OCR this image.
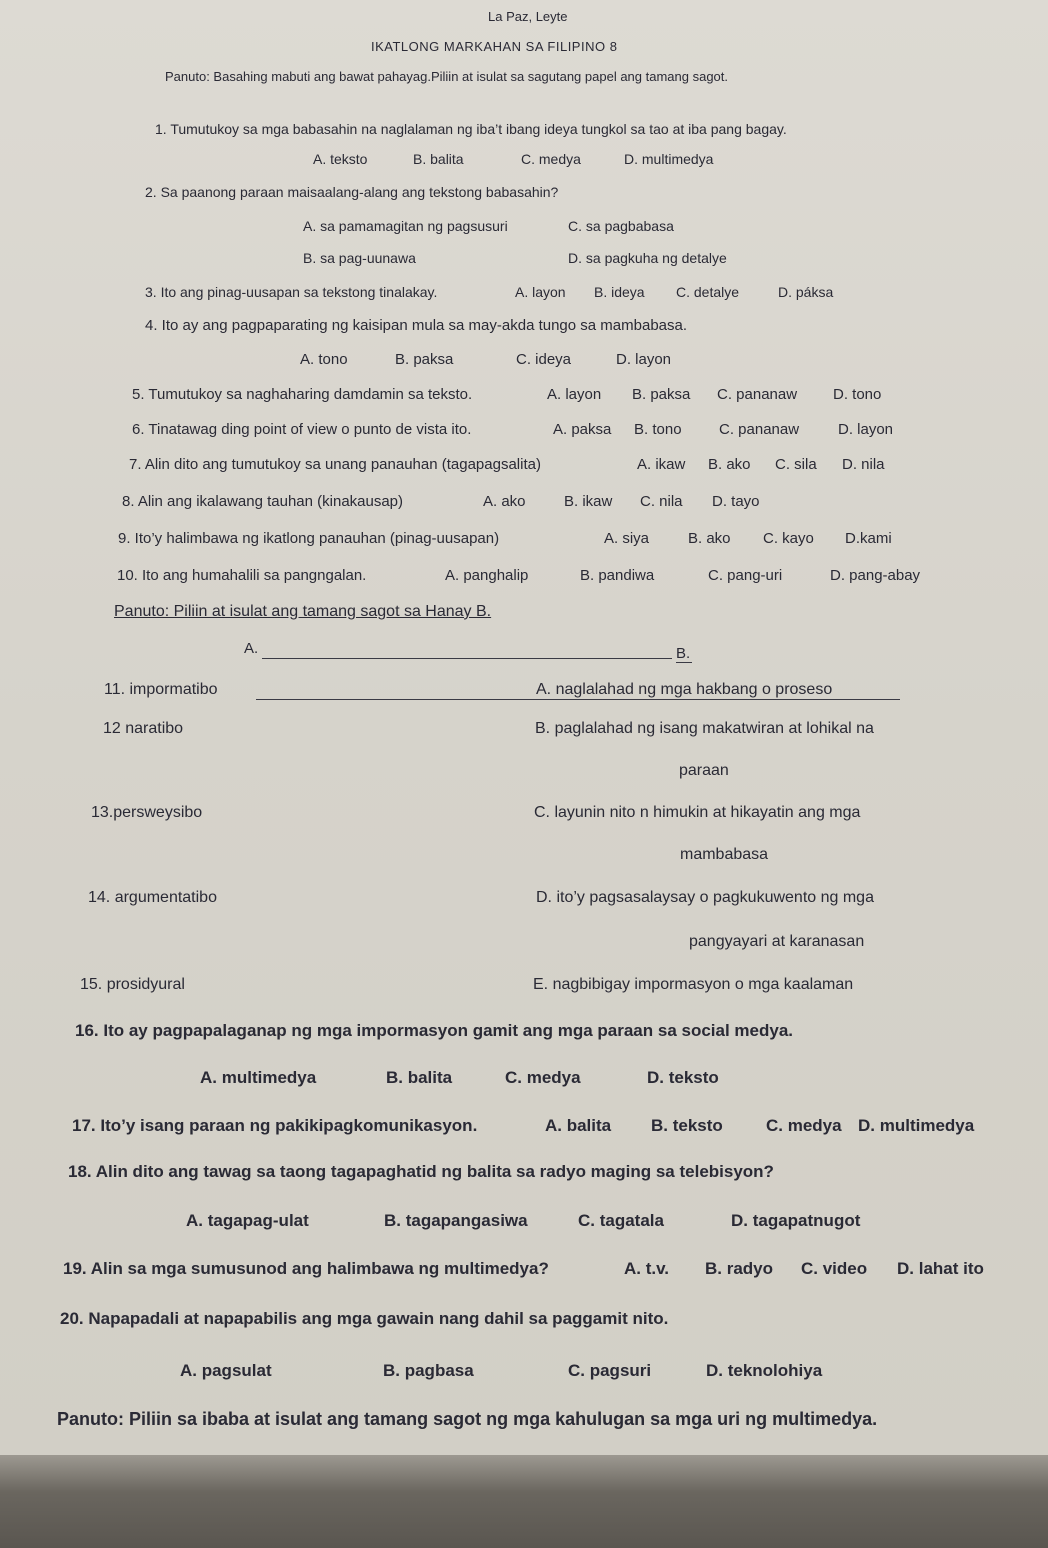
La Paz, Leyte
IKATLONG MARKAHAN SA FILIPINO 8
Panuto: Basahing mabuti ang bawat pahayag.Piliin at isulat sa sagutang papel ang tamang sagot.
1. Tumutukoy sa mga babasahin na naglalaman ng iba’t ibang ideya tungkol sa tao at iba pang bagay.
A. teksto	B. balita	C. medya	D. multimedya
2. Sa paanong paraan maisaalang-alang ang tekstong babasahin?
A. sa pamamagitan ng pagsusuri	C. sa pagbabasa
B. sa pag-uunawa	D. sa pagkuha ng detalye
3. Ito ang pinag-uusapan sa tekstong tinalakay.	A. layon B. ideya C. detalye	D. páksa
4. Ito ay ang pagpaparating ng kaisipan mula sa may-akda tungo sa mambabasa.
A. tono	B. paksa	C. ideya	D. layon
5. Tumutukoy sa naghaharing damdamin sa teksto.	A. layon B. paksa C. pananaw D. tono
6. Tinatawag ding point of view o punto de vista ito.	A. paksa B. tono C. pananaw	D. layon
7. Alin dito ang tumutukoy sa unang panauhan (tagapagsalita)	A. ikaw B. ako C. sila D. nila
8. Alin ang ikalawang tauhan (kinakausap)	A. ako	B. ikaw C. nila D. tayo
9. Ito’y halimbawa ng ikatlong panauhan (pinag-uusapan)	A. siya	B. ako C. kayo D.kami
10. Ito ang humahalili sa pangngalan.	A. panghalip	B. pandiwa	C. pang-uri	D. pang-abay
Panuto: Piliin at isulat ang tamang sagot sa Hanay B.
A.	B.
11. impormatibo	A. naglalahad ng mga hakbang o proseso
12 naratibo	B. paglalahad ng isang makatwiran at lohikal na
paraan
13.persweysibo	C. layunin nito n himukin at hikayatin ang mga
mambabasa
14. argumentatibo	D. ito’y pagsasalaysay o pagkukuwento ng mga
pangyayari at karanasan
15. prosidyural	E. nagbibigay impormasyon o mga kaalaman
16. Ito ay pagpapalaganap ng mga impormasyon gamit ang mga paraan sa social medya.
A. multimedya	B. balita	C. medya	D. teksto
17. Ito’y isang paraan ng pakikipagkomunikasyon.	A. balita B. teksto	C. medya D. multimedya
18. Alin dito ang tawag sa taong tagapaghatid ng balita sa radyo maging sa telebisyon?
A. tagapag-ulat	B. tagapangasiwa	C. tagatala	D. tagapatnugot
19. Alin sa mga sumusunod ang halimbawa ng multimedya?	A. t.v. B. radyo C. video D. lahat ito
20. Napapadali at napapabilis ang mga gawain nang dahil sa paggamit nito.
A. pagsulat	B. pagbasa	C. pagsuri	D. teknolohiya
Panuto: Piliin sa ibaba at isulat ang tamang sagot ng mga kahulugan sa mga uri ng multimedya.
